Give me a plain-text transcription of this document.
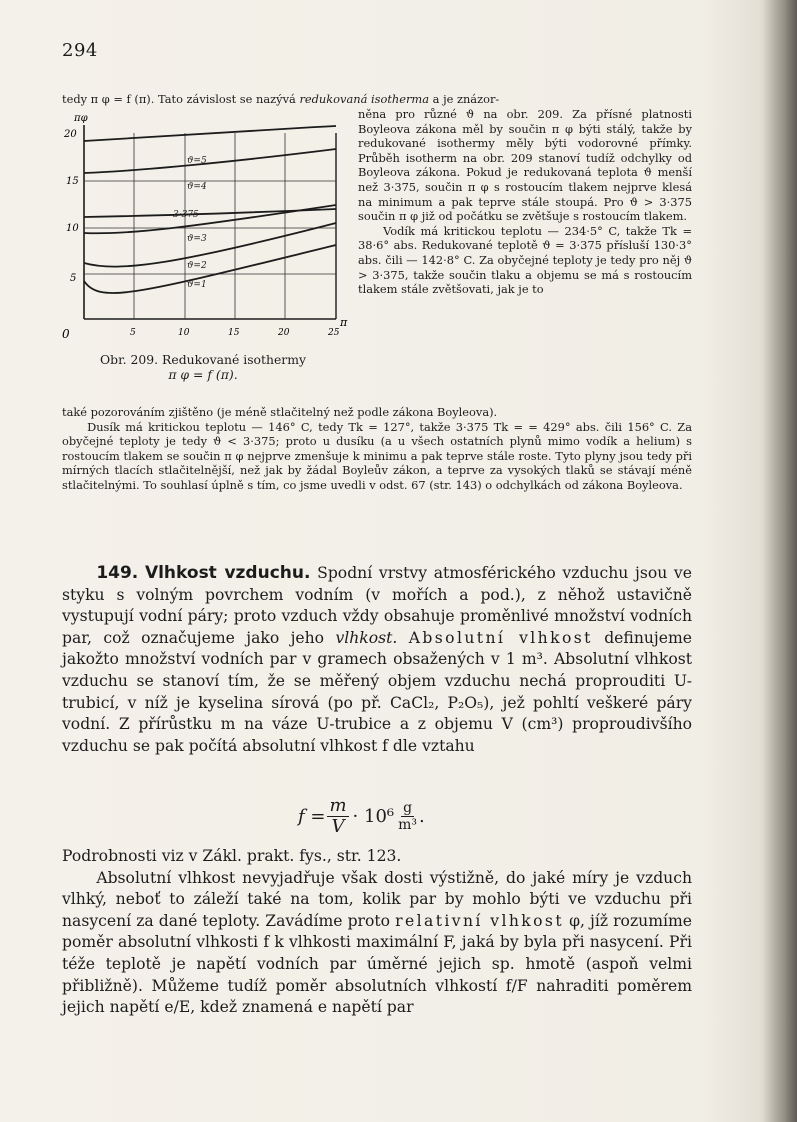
294
tedy π φ = f (π). Tato závislost se nazývá redukovaná isotherma a je znázor-
πφ
20
15
10
5
0	5	10	15	20	25
π
ϑ=5
ϑ=4
3·375
ϑ=3
ϑ=2
ϑ=1
Obr. 209. Redukované isothermy
π φ = f (π).

něna pro různé ϑ na obr. 209. Za přísné platnosti Boyleova zákona měl by součin π φ býti stálý, takže by redukované isothermy měly býti vodorovné přímky. Průběh isotherm na obr. 209 stanoví tudíž odchylky od Boyleova zákona. Pokud je redukovaná teplota ϑ menší než 3·375, součin π φ s rostoucím tlakem nejprve klesá na minimum a pak teprve stále stoupá. Pro ϑ > 3·375 součin π φ již od počátku se zvětšuje s rostoucím tlakem.

Vodík má kritickou teplotu — 234·5° C, takže Tk = 38·6° abs. Redukované teplotě ϑ = 3·375 přísluší 130·3° abs. čili — 142·8° C. Za obyčejné teploty je tedy pro něj ϑ > 3·375, takže součin tlaku a objemu se má s rostoucím tlakem stále zvětšovati, jak je to

také pozorováním zjištěno (je méně stlačitelný než podle zákona Boyleova).

Dusík má kritickou teplotu — 146° C, tedy Tk = 127°, takže 3·375 Tk = = 429° abs. čili 156° C. Za obyčejné teploty je tedy ϑ < 3·375; proto u dusíku (a u všech ostatních plynů mimo vodík a helium) s rostoucím tlakem se součin π φ nejprve zmenšuje k minimu a pak teprve stále roste. Tyto plyny jsou tedy při mírných tlacích stlačitelnější, než jak by žádal Boyleův zákon, a teprve za vysokých tlaků se stávají méně stlačitelnými. To souhlasí úplně s tím, co jsme uvedli v odst. 67 (str. 143) o odchylkách od zákona Boyleova.

149. Vlhkost vzduchu. Spodní vrstvy atmosférického vzduchu jsou ve styku s volným povrchem vodním (v mořích a pod.), z něhož ustavičně vystupují vodní páry; proto vzduch vždy obsahuje proměnlivé množství vodních par, což označujeme jako jeho vlhkost. Absolutní vlhkost definujeme jakožto množství vodních par v gramech obsažených v 1 m³. Absolutní vlhkost vzduchu se stanoví tím, že se měřený objem vzduchu nechá proprouditi U-trubicí, v níž je kyselina sírová (po př. CaCl₂, P₂O₅), jež pohltí veškeré páry vodní. Z přírůstku m na váze U-trubice a z objemu V (cm³) proproudivšího vzduchu se pak počítá absolutní vlhkost f dle vztahu

$f = \frac{m}{V} \cdot 10^6 \frac{g}{\text{m³}}$ .

Podrobnosti viz v Zákl. prakt. fys., str. 123.

Absolutní vlhkost nevyjadřuje však dosti výstižně, do jaké míry je vzduch vlhký, neboť to záleží také na tom, kolik par by mohlo býti ve vzduchu při nasycení za dané teploty. Zavádíme proto relativní vlhkost φ, jíž rozumíme poměr absolutní vlhkosti f k vlhkosti maximální F, jaká by byla při nasycení. Při téže teplotě je napětí vodních par úměrné jejich sp. hmotě (aspoň velmi přibližně). Můžeme tudíž poměr absolutních vlhkostí f/F nahraditi poměrem jejich napětí e/E, kdež znamená e napětí par
